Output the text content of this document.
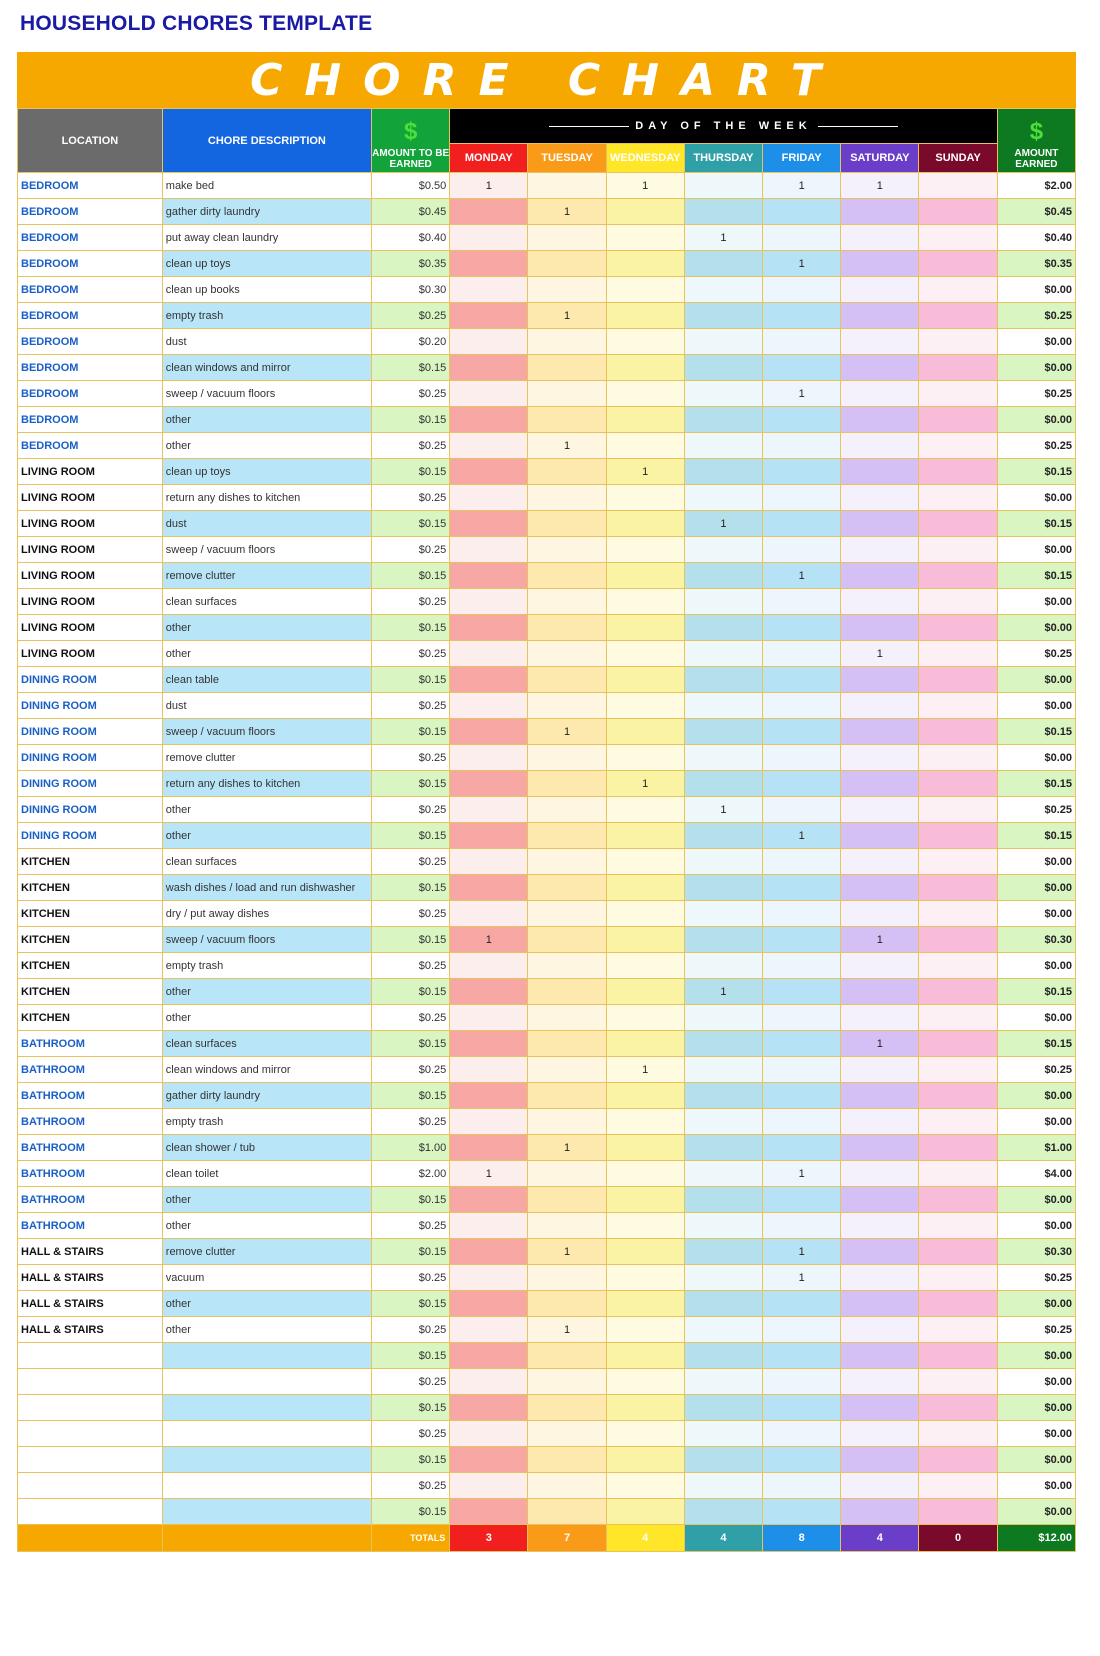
HOUSEHOLD CHORES TEMPLATE
CHORE CHART
LOCATION	CHORE DESCRIPTION	$
AMOUNT TO BE EARNED	DAY OF THE WEEK							$
AMOUNT EARNED

			MONDAY	TUESDAY	WEDNESDAY	THURSDAY	FRIDAY	SATURDAY	SUNDAY	
BEDROOM	make bed	$0.50	1		1		1	1		$2.00
BEDROOM	gather dirty laundry	$0.45		1						$0.45
BEDROOM	put away clean laundry	$0.40				1				$0.40
BEDROOM	clean up toys	$0.35					1			$0.35
BEDROOM	clean up books	$0.30								$0.00
BEDROOM	empty trash	$0.25		1						$0.25
BEDROOM	dust	$0.20								$0.00
BEDROOM	clean windows and mirror	$0.15								$0.00
BEDROOM	sweep / vacuum floors	$0.25					1			$0.25
BEDROOM	other	$0.15								$0.00
BEDROOM	other	$0.25		1						$0.25
LIVING ROOM	clean up toys	$0.15			1					$0.15
LIVING ROOM	return any dishes to kitchen	$0.25								$0.00
LIVING ROOM	dust	$0.15				1				$0.15
LIVING ROOM	sweep / vacuum floors	$0.25								$0.00
LIVING ROOM	remove clutter	$0.15					1			$0.15
LIVING ROOM	clean surfaces	$0.25								$0.00
LIVING ROOM	other	$0.15								$0.00
LIVING ROOM	other	$0.25						1		$0.25
DINING ROOM	clean table	$0.15								$0.00
DINING ROOM	dust	$0.25								$0.00
DINING ROOM	sweep / vacuum floors	$0.15		1						$0.15
DINING ROOM	remove clutter	$0.25								$0.00
DINING ROOM	return any dishes to kitchen	$0.15			1					$0.15
DINING ROOM	other	$0.25				1				$0.25
DINING ROOM	other	$0.15					1			$0.15
KITCHEN	clean surfaces	$0.25								$0.00
KITCHEN	wash dishes / load and run dishwasher	$0.15								$0.00
KITCHEN	dry / put away dishes	$0.25								$0.00
KITCHEN	sweep / vacuum floors	$0.15	1					1		$0.30
KITCHEN	empty trash	$0.25								$0.00
KITCHEN	other	$0.15				1				$0.15
KITCHEN	other	$0.25								$0.00
BATHROOM	clean surfaces	$0.15						1		$0.15
BATHROOM	clean windows and mirror	$0.25			1					$0.25
BATHROOM	gather dirty laundry	$0.15								$0.00
BATHROOM	empty trash	$0.25								$0.00
BATHROOM	clean shower / tub	$1.00		1						$1.00
BATHROOM	clean toilet	$2.00	1				1			$4.00
BATHROOM	other	$0.15								$0.00
BATHROOM	other	$0.25								$0.00
HALL & STAIRS	remove clutter	$0.15		1			1			$0.30
HALL & STAIRS	vacuum	$0.25					1			$0.25
HALL & STAIRS	other	$0.15								$0.00
HALL & STAIRS	other	$0.25		1						$0.25
		$0.15								$0.00
		$0.25								$0.00
		$0.15								$0.00
		$0.25								$0.00
		$0.15								$0.00
		$0.25								$0.00
		$0.15								$0.00
		TOTALS	3	7	4	4	8	4	0	$12.00
